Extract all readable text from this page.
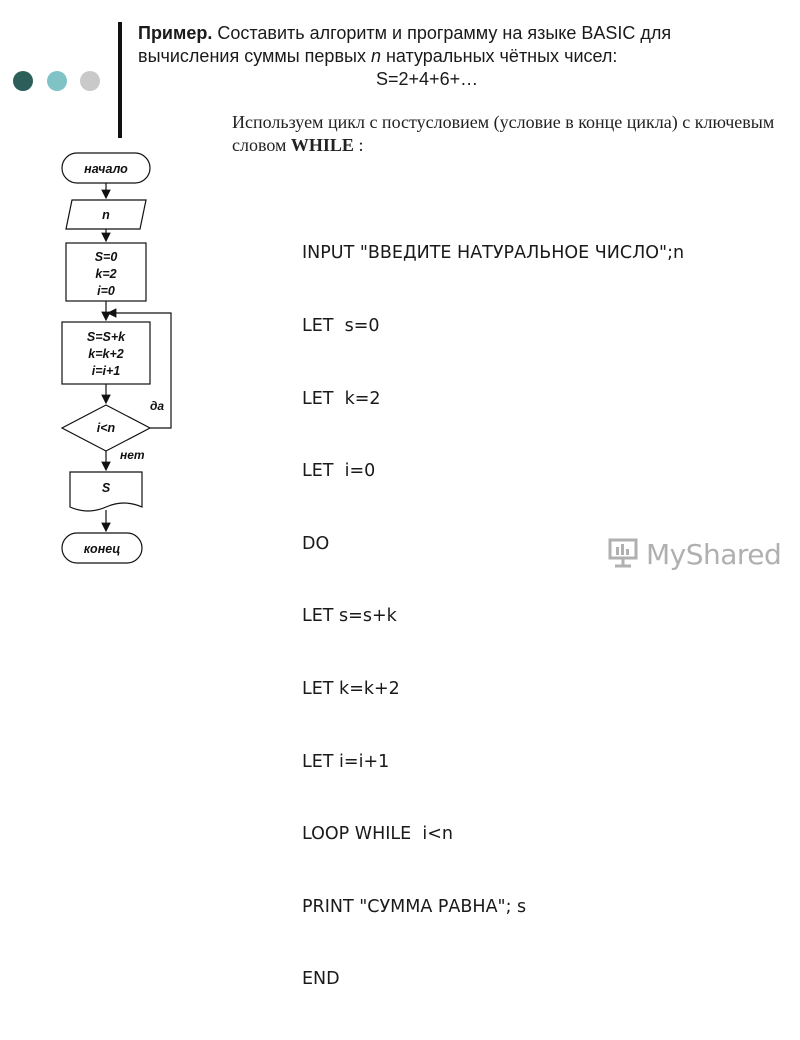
Пример. Составить алгоритм и программу на языке BASIC для
вычисления суммы первых n натуральных чётных чисел:
S=2+4+6+…
Используем цикл с постусловием (условие в конце цикла) с ключевым словом WHILE :

INPUT "ВВЕДИТЕ НАТУРАЛЬНОЕ ЧИСЛО";n

LET  s=0

LET  k=2

LET  i=0

DO

LET s=s+k

LET k=k+2

LET i=i+1

LOOP WHILE  i<n

PRINT "СУММА РАВНА"; s

END

начало
n
S=0
k=2
i=0
S=S+k
k=k+2
i=i+1
i<n
да
нет
S
конец	MyShared
